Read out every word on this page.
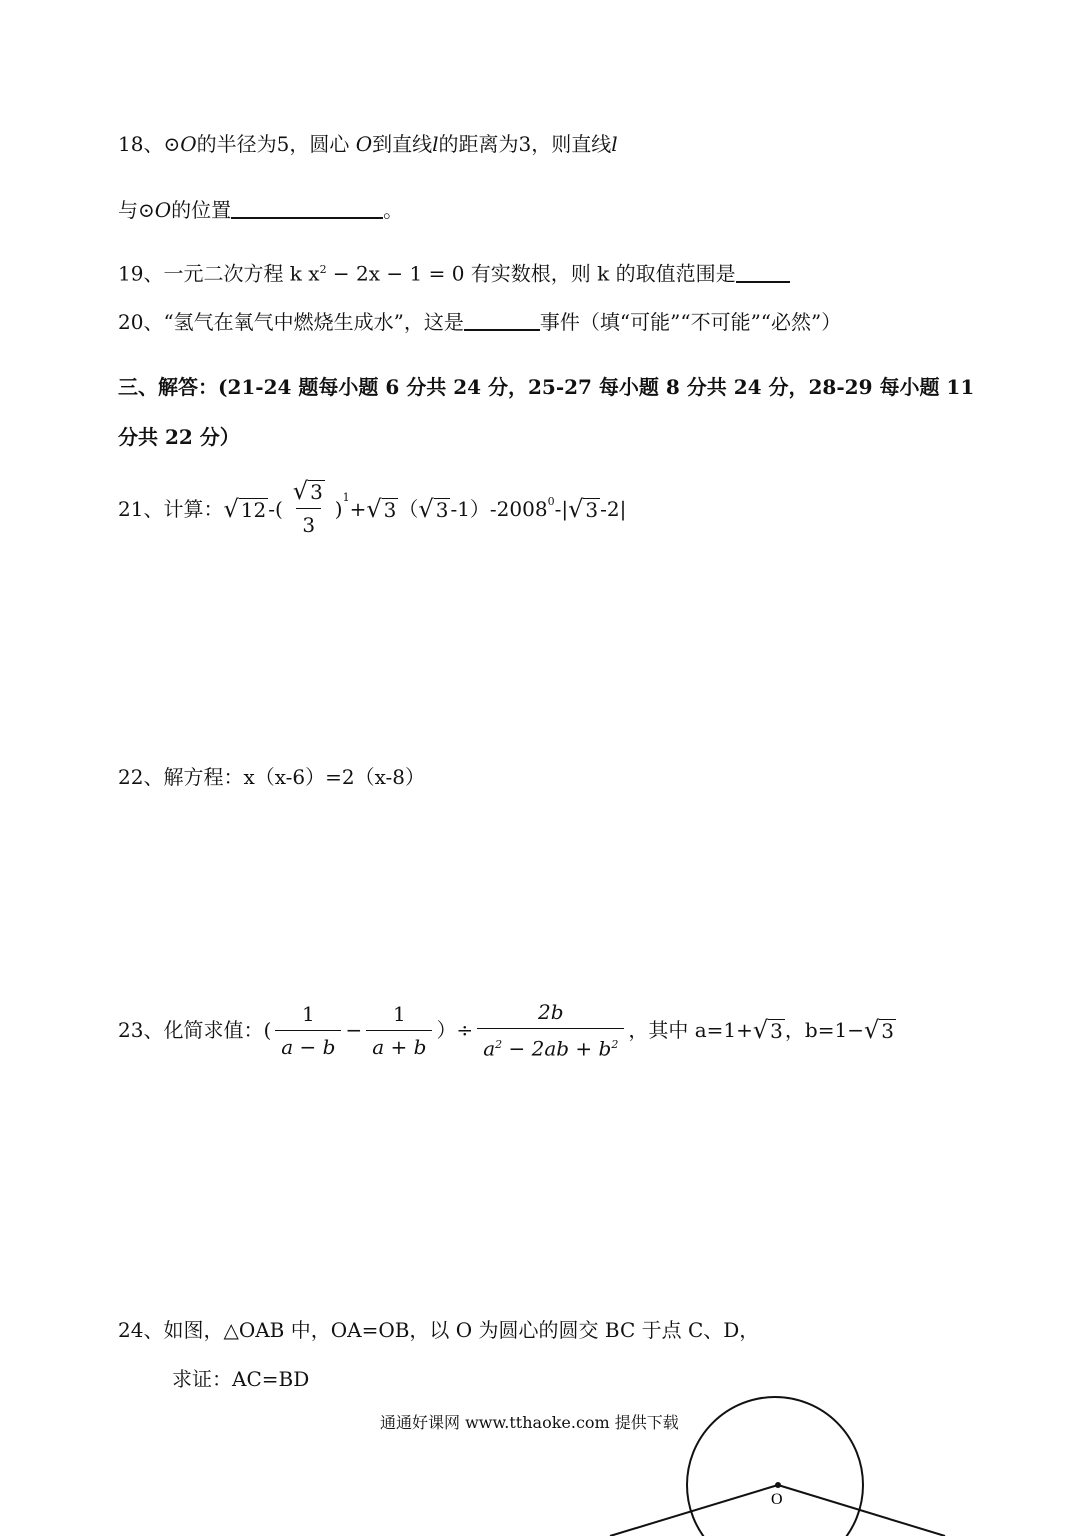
18、⊙O的半径为5，圆心 O到直线l的距离为3，则直线l
与⊙O的位置	。
19、一元二次方程 k $x^2 - 2x - 1 = 0$ 有实数根，则 k 的取值范围是
20、“氢气在氧气中燃烧生成水”，这是	事件（填“可能”“不可能”“必然”）
三、解答：(21-24 题每小题 6 分共 24 分，25-27 每小题 8 分共 24 分，28-29 每小题 11
分共 22 分）
21、计算： √ 12 -( $\frac{√ 3}{3} )^1$ + √ 3 （ √ 3 -1）-2008$^0$ -| √ 3 -2|
22、解方程：x（x-6）=2（x-8）
23、化简求值：( $\frac{1}{a - b} - \frac{1}{a + b}$ ）÷ $\frac{2b}{a^2 - 2ab + b^2}$ ，其中 a=1+ √ 3 ，b=1− √ 3
24、如图，△OAB 中，OA=OB，以 O 为圆心的圆交 BC 于点 C、D，
求证：AC=BD
通通好课网 www.tthaoke.com 提供下载
O
